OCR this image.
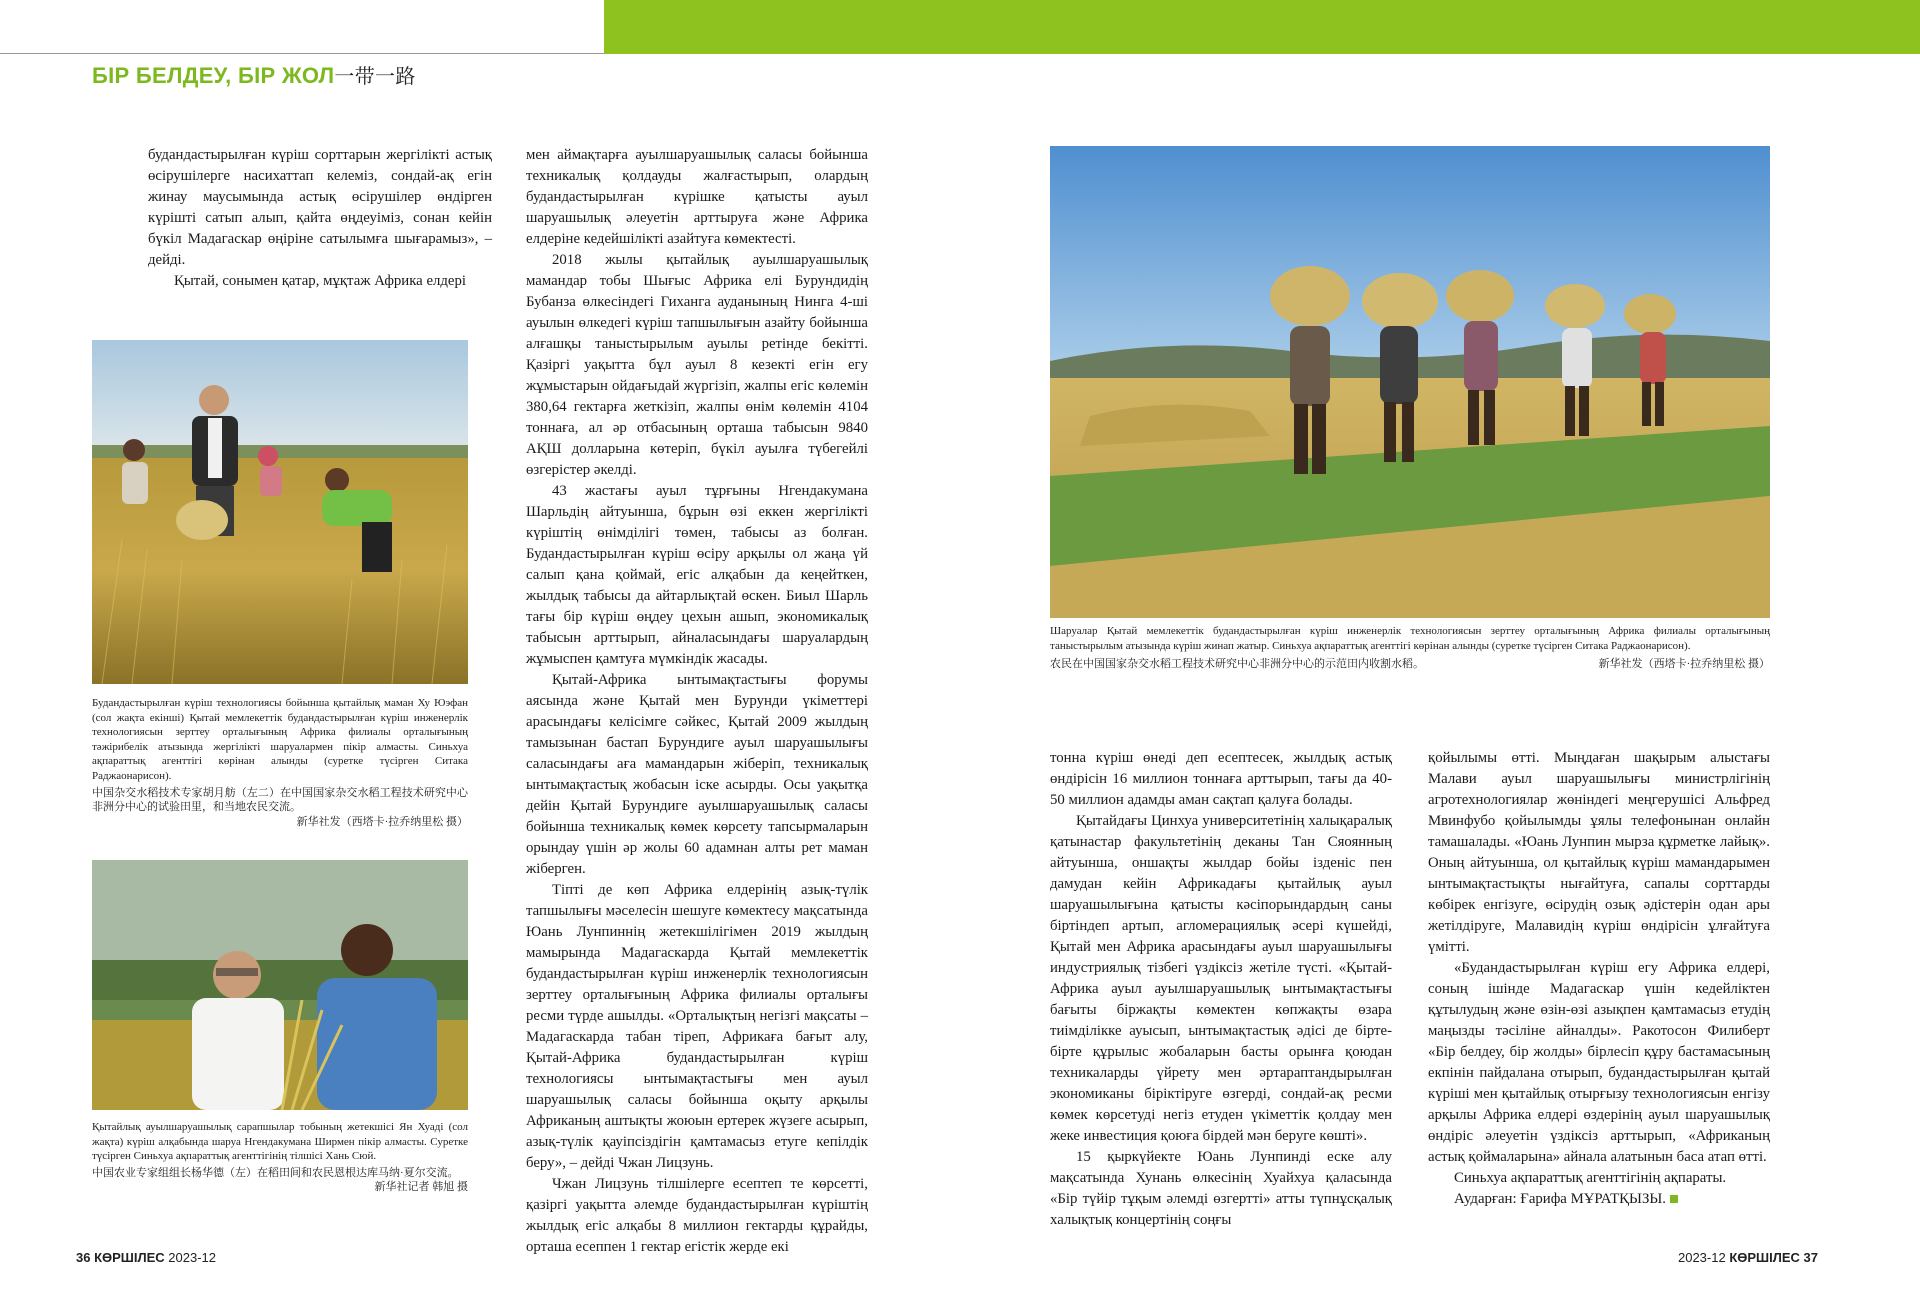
БІР БЕЛДЕУ, БІР ЖОЛ一带一路

будандастырылған күріш сорттарын жергілікті астық өсірушілерге насихаттап келеміз, сондай-ақ егін жинау маусымында астық өсірушілер өндірген күрішті сатып алып, қайта өңдеуіміз, сонан кейін бүкіл Мадагаскар өңіріне сатылымға шығарамыз», – дейді.

Қытай, сонымен қатар, мұқтаж Африка елдері

Будандастырылған күріш технологиясы бойынша қытайлық маман Ху Юэфан (сол жақта екінші) Қытай мемлекеттік будандастырылған күріш инженерлік технологиясын зерттеу орталығының Африка филиалы орталығының тәжірибелік атызында жергілікті шаруалармен пікір алмасты. Синьхуа ақпараттық агенттігі көрінан алынды (суретке түсірген Ситака Раджаонарисон).
中国杂交水稻技术专家胡月舫（左二）在中国国家杂交水稻工程技术研究中心非洲分中心的试验田里，和当地农民交流。
新华社发（西塔卡·拉乔纳里松 摄）
Қытайлық ауылшаруашылық сарапшылар тобының жетекшісі Ян Хуаді (сол жақта) күріш алқабында шаруа Нгендакумана Ширмен пікір алмасты. Суретке түсірген Синьхуа ақпараттық агенттігінің тілшісі Хань Сюй.
中国农业专家组组长杨华德（左）在稻田间和农民恩根达库马纳·夏尔交流。
新华社记者 韩旭 摄

мен аймақтарға ауылшаруашылық саласы бойынша техникалық қолдауды жалғастырып, олардың будандастырылған күрішке қатысты ауыл шаруашылық әлеуетін арттыруға және Африка елдеріне кедейшілікті азайтуға көмектесті.

2018 жылы қытайлық ауылшаруашылық мамандар тобы Шығыс Африка елі Бурундидің Бубанза өлкесіндегі Гиханга ауданының Нинга 4-ші ауылын өлкедегі күріш тапшылығын азайту бойынша алғашқы таныстырылым ауылы ретінде бекітті. Қазіргі уақытта бұл ауыл 8 кезекті егін егу жұмыстарын ойдағыдай жүргізіп, жалпы егіс көлемін 380,64 гектарға жеткізіп, жалпы өнім көлемін 4104 тоннаға, ал әр отбасының орташа табысын 9840 АҚШ долларына көтеріп, бүкіл ауылға түбегейлі өзгерістер әкелді.

43 жастағы ауыл тұрғыны Нгендакумана Шарльдің айтуынша, бұрын өзі еккен жергілікті күріштің өнімділігі төмен, табысы аз болған. Будандастырылған күріш өсіру арқылы ол жаңа үй салып қана қоймай, егіс алқабын да кеңейткен, жылдық табысы да айтарлықтай өскен. Биыл Шарль тағы бір күріш өңдеу цехын ашып, экономикалық табысын арттырып, айналасындағы шаруалардың жұмыспен қамтуға мүмкіндік жасады.

Қытай-Африка ынтымақтастығы форумы аясында және Қытай мен Бурунди үкіметтері арасындағы келісімге сәйкес, Қытай 2009 жылдың тамызынан бастап Бурундиге ауыл шаруашылығы саласындағы аға мамандарын жіберіп, техникалық ынтымақтастық жобасын іске асырды. Осы уақытқа дейін Қытай Бурундиге ауылшаруашылық саласы бойынша техникалық көмек көрсету тапсырмаларын орындау үшін әр жолы 60 адамнан алты рет маман жіберген.

Тіпті де көп Африка елдерінің азық-түлік тапшылығы мәселесін шешуге көмектесу мақсатында Юань Лунпиннің жетекшілігімен 2019 жылдың мамырында Мадагаскарда Қытай мемлекеттік будандастырылған күріш инженерлік технологиясын зерттеу орталығының Африка филиалы орталығы ресми түрде ашылды. «Орталықтың негізгі мақсаты – Мадагаскарда табан тіреп, Африкаға бағыт алу, Қытай-Африка будандастырылған күріш технологиясы ынтымақтастығы мен ауыл шаруашылық саласы бойынша оқыту арқылы Африканың аштықты жоюын ертерек жүзеге асырып, азық-түлік қауіпсіздігін қамтамасыз етуге кепілдік беру», – дейді Чжан Лицзунь.

Чжан Лицзунь тілшілерге есептеп те көрсетті, қазіргі уақытта әлемде будандастырылған күріштің жылдық егіс алқабы 8 миллион гектарды құрайды, орташа есеппен 1 гектар егістік жерде екі

Шаруалар Қытай мемлекеттік будандастырылған күріш инженерлік технологиясын зерттеу орталығының Африка филиалы орталығының таныстырылым атызында күріш жинап жатыр. Синьхуа ақпараттық агенттігі көрінан алынды (суретке түсірген Ситака Раджаонарисон).
农民在中国国家杂交水稻工程技术研究中心非洲分中心的示范田内收割水稻。	新华社发（西塔卡·拉乔纳里松 摄）

тонна күріш өнеді деп есептесек, жылдық астық өндірісін 16 миллион тоннаға арттырып, тағы да 40-50 миллион адамды аман сақтап қалуға болады.

Қытайдағы Цинхуа университетінің халықаралық қатынастар факультетінің деканы Тан Сяоянның айтуынша, оншақты жылдар бойы ізденіс пен дамудан кейін Африкадағы қытайлық ауыл шаруашылығына қатысты кәсіпорындардың саны біртіндеп артып, агломерациялық әсері күшейді, Қытай мен Африка арасындағы ауыл шаруашылығы индустриялық тізбегі үздіксіз жетіле түсті. «Қытай-Африка ауыл ауылшаруашылық ынтымақтастығы бағыты біржақты көмектен көпжақты өзара тиімділікке ауысып, ынтымақтастық әдісі де бірте-бірте құрылыс жобаларын басты орынға қоюдан техникаларды үйрету мен әртараптандырылған экономиканы біріктіруге өзгерді, сондай-ақ ресми көмек көрсетуді негіз етуден үкіметтік қолдау мен жеке инвестиция қоюға бірдей мән беруге көшті».

15 қыркүйекте Юань Лунпинді еске алу мақсатында Хунань өлкесінің Хуайхуа қаласында «Бір түйір тұқым әлемді өзгертті» атты түпнұсқалық халықтық концертінің соңғы

қойылымы өтті. Мыңдаған шақырым алыстағы Малави ауыл шаруашылығы министрлігінің агротехнологиялар жөніндегі меңгерушісі Альфред Мвинфубо қойылымды ұялы телефонынан онлайн тамашалады. «Юань Лунпин мырза құрметке лайық». Оның айтуынша, ол қытайлық күріш мамандарымен ынтымақтастықты нығайтуға, сапалы сорттарды көбірек енгізуге, өсірудің озық әдістерін одан ары жетілдіруге, Малавидің күріш өндірісін ұлғайтуға үмітті.

«Будандастырылған күріш егу Африка елдері, соның ішінде Мадагаскар үшін кедейліктен құтылудың және өзін-өзі азықпен қамтамасыз етудің маңызды тәсіліне айналды». Ракотосон Филиберт «Бір белдеу, бір жолды» бірлесіп құру бастамасының екпінін пайдалана отырып, будандастырылған қытай күріші мен қытайлық отырғызу технологиясын енгізу арқылы Африка елдері өздерінің ауыл шаруашылық өндіріс әлеуетін үздіксіз арттырып, «Африканың астық қоймаларына» айнала алатынын баса атап өтті.

Синьхуа ақпараттық агенттігінің ақпараты.

Аударған: Ғарифа МҰРАТҚЫЗЫ.

36 КӨРШІЛЕС 2023-12	2023-12 КӨРШІЛЕС 37
